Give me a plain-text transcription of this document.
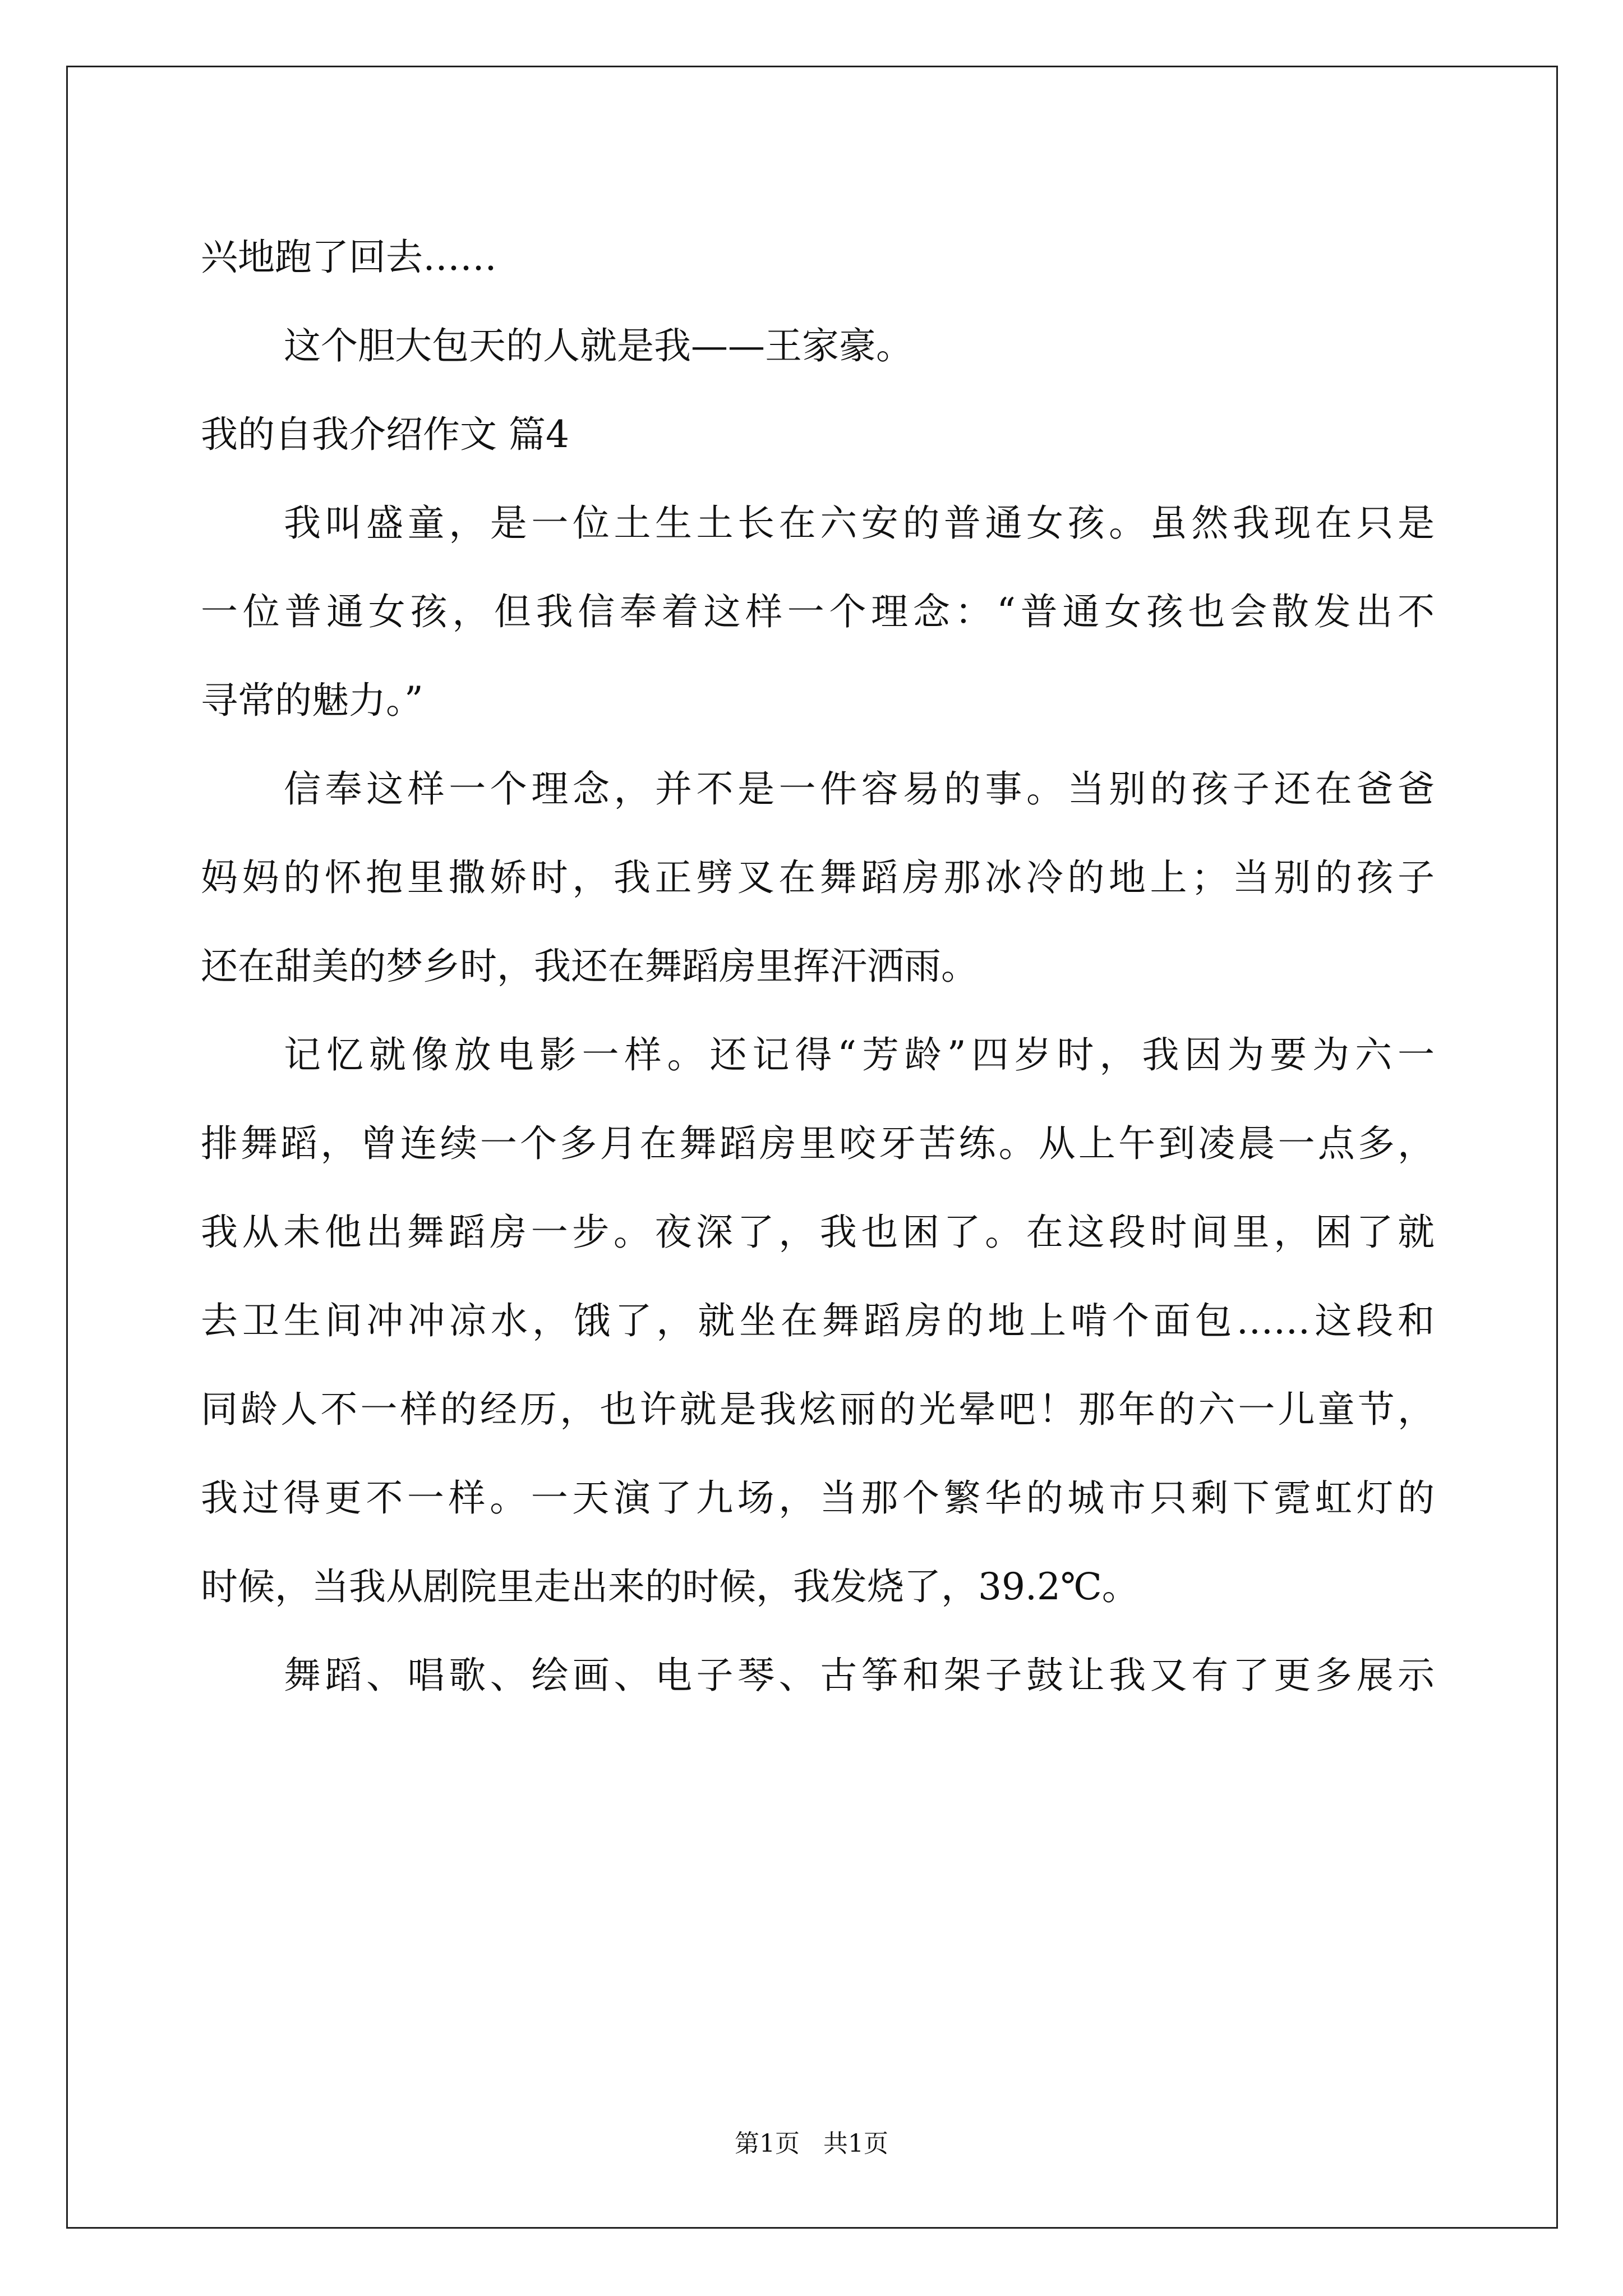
兴地跑了回去……
这个胆大包天的人就是我——王家豪。
我的自我介绍作文 篇4
我叫盛童，是一位土生土长在六安的普通女孩。虽然我现在只是
一位普通女孩，但我信奉着这样一个理念：“普通女孩也会散发出不
寻常的魅力。”
信奉这样一个理念，并不是一件容易的事。当别的孩子还在爸爸
妈妈的怀抱里撒娇时，我正劈叉在舞蹈房那冰冷的地上；当别的孩子
还在甜美的梦乡时，我还在舞蹈房里挥汗洒雨。
记忆就像放电影一样。还记得“芳龄”四岁时，我因为要为六一
排舞蹈，曾连续一个多月在舞蹈房里咬牙苦练。从上午到凌晨一点多，
我从未他出舞蹈房一步。夜深了，我也困了。在这段时间里，困了就
去卫生间冲冲凉水，饿了，就坐在舞蹈房的地上啃个面包……这段和
同龄人不一样的经历，也许就是我炫丽的光晕吧！那年的六一儿童节，
我过得更不一样。一天演了九场，当那个繁华的城市只剩下霓虹灯的
时候，当我从剧院里走出来的时候，我发烧了，39.2℃。
舞蹈、唱歌、绘画、电子琴、古筝和架子鼓让我又有了更多展示
第1页   共1页
